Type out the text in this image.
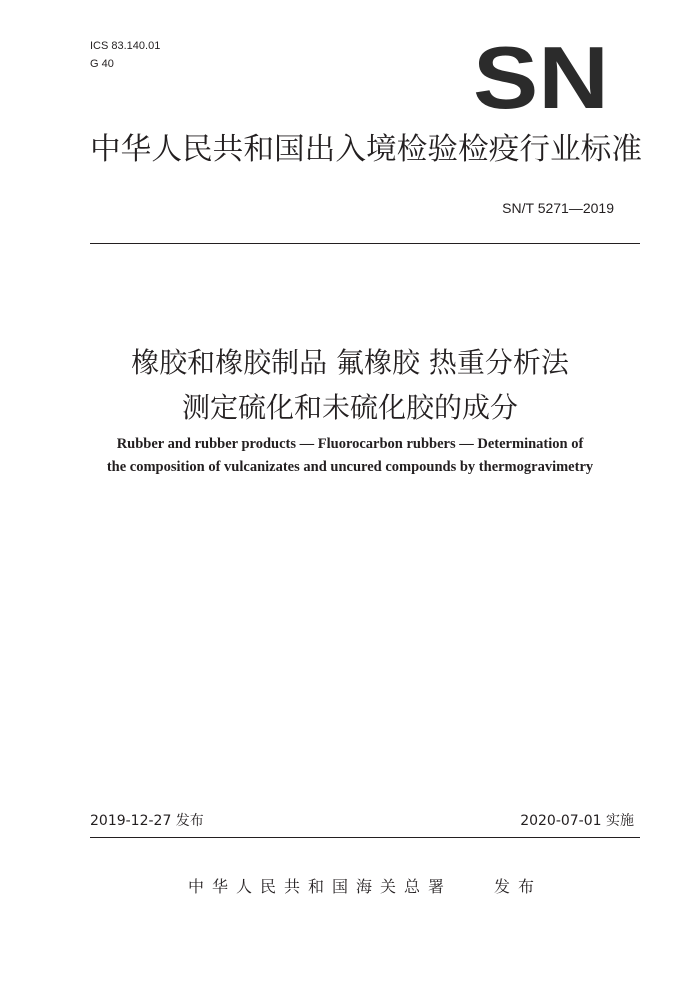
ICS 83.140.01
G 40	SN
中华人民共和国出入境检验检疫行业标准
SN/T 5271—2019
橡胶和橡胶制品 氟橡胶 热重分析法
测定硫化和未硫化胶的成分
Rubber and rubber products — Fluorocarbon rubbers — Determination of
the composition of vulcanizates and uncured compounds by thermogravimetry
2019-12-27 发布	2020-07-01 实施
中华人民共和国海关总署	发布
